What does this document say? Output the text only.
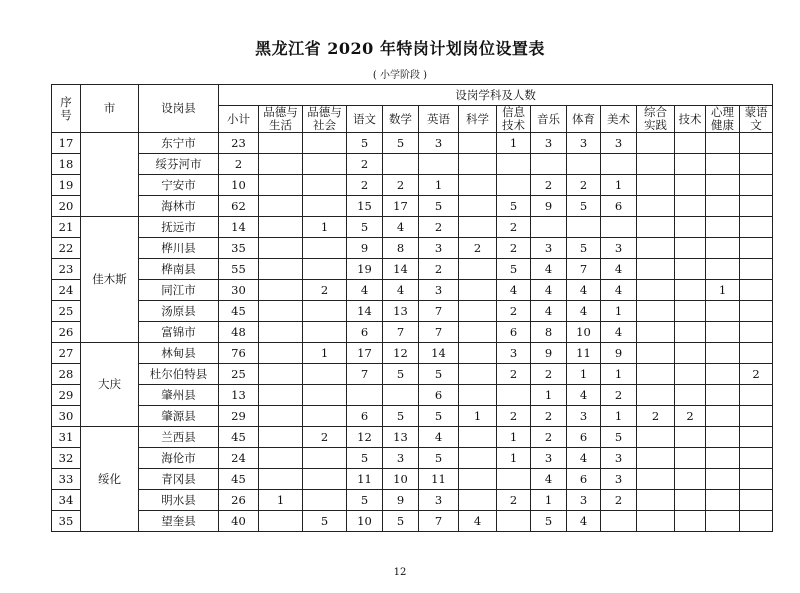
黑龙江省 2020 年特岗计划岗位设置表
( 小学阶段 )
序号	市	设岗县	设岗学科及人数														
			小计	品德与生活	品德与社会	语文	数学	英语	科学	信息技术	音乐	体育	美术	综合实践	技术	心理健康	蒙语文
17		东宁市	23			5	5	3		1	3	3	3				
18		绥芬河市	2			2											
19		宁安市	10			2	2	1			2	2	1				
20		海林市	62			15	17	5		5	9	5	6				
21	佳木斯	抚远市	14		1	5	4	2		2							
22		桦川县	35			9	8	3	2	2	3	5	3				
23		桦南县	55			19	14	2		5	4	7	4				
24		同江市	30		2	4	4	3		4	4	4	4			1	
25		汤原县	45			14	13	7		2	4	4	1				
26		富锦市	48			6	7	7		6	8	10	4				
27	大庆	林甸县	76		1	17	12	14		3	9	11	9				
28		杜尔伯特县	25			7	5	5		2	2	1	1				2
29		肇州县	13					6			1	4	2				
30		肇源县	29			6	5	5	1	2	2	3	1	2	2		
31	绥化	兰西县	45		2	12	13	4		1	2	6	5				
32		海伦市	24			5	3	5		1	3	4	3				
33		青冈县	45			11	10	11			4	6	3				
34		明水县	26	1		5	9	3		2	1	3	2				
35		望奎县	40		5	10	5	7	4		5	4					
12
